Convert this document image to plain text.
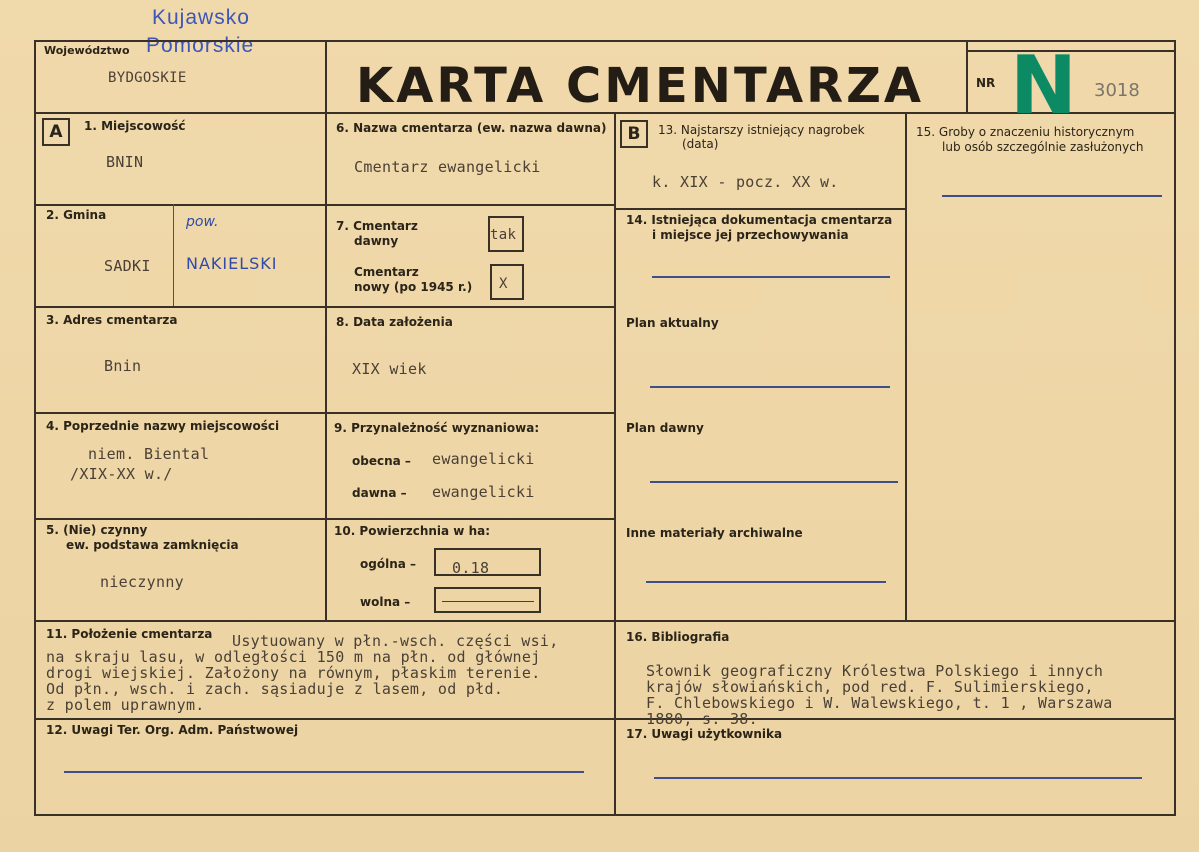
Kujawsko
Pomorskie
Województwo
BYDGOSKIE	KARTA CMENTARZA	NR N 3018
A	1. Miejscowość
BNIN
2. Gmina	pow.
SADKI NAKIELSKI
3. Adres cmentarza
Bnin
4. Poprzednie nazwy miejscowości
niem. Biental
/XIX-XX w./
5. (Nie) czynny
ew. podstawa zamknięcia
nieczynny
6. Nazwa cmentarza (ew. nazwa dawna)
Cmentarz ewangelicki
7. Cmentarz
dawny	tak
Cmentarz
nowy (po 1945 r.) X
8. Data założenia
XIX wiek
9. Przynależność wyznaniowa:
obecna – ewangelicki
dawna – ewangelicki
10. Powierzchnia w ha:
ogólna – 0.18
wolna –
B	13. Najstarszy istniejący nagrobek
(data)
k. XIX - pocz. XX w.
14. Istniejąca dokumentacja cmentarza
i miejsce jej przechowywania
Plan aktualny
Plan dawny
Inne materiały archiwalne
15. Groby o znaczeniu historycznym
lub osób szczególnie zasłużonych
11. Położenie cmentarza Usytuowany w płn.-wsch. części wsi,
na skraju lasu, w odległości 150 m na płn. od głównej
drogi wiejskiej. Założony na równym, płaskim terenie.
Od płn., wsch. i zach. sąsiaduje z lasem, od płd.
z polem uprawnym.
16. Bibliografia
Słownik geograficzny Królestwa Polskiego i innych
krajów słowiańskich, pod red. F. Sulimierskiego,
F. Chlebowskiego i W. Walewskiego, t. 1 , Warszawa
1880, s. 38.
12. Uwagi Ter. Org. Adm. Państwowej	17. Uwagi użytkownika
